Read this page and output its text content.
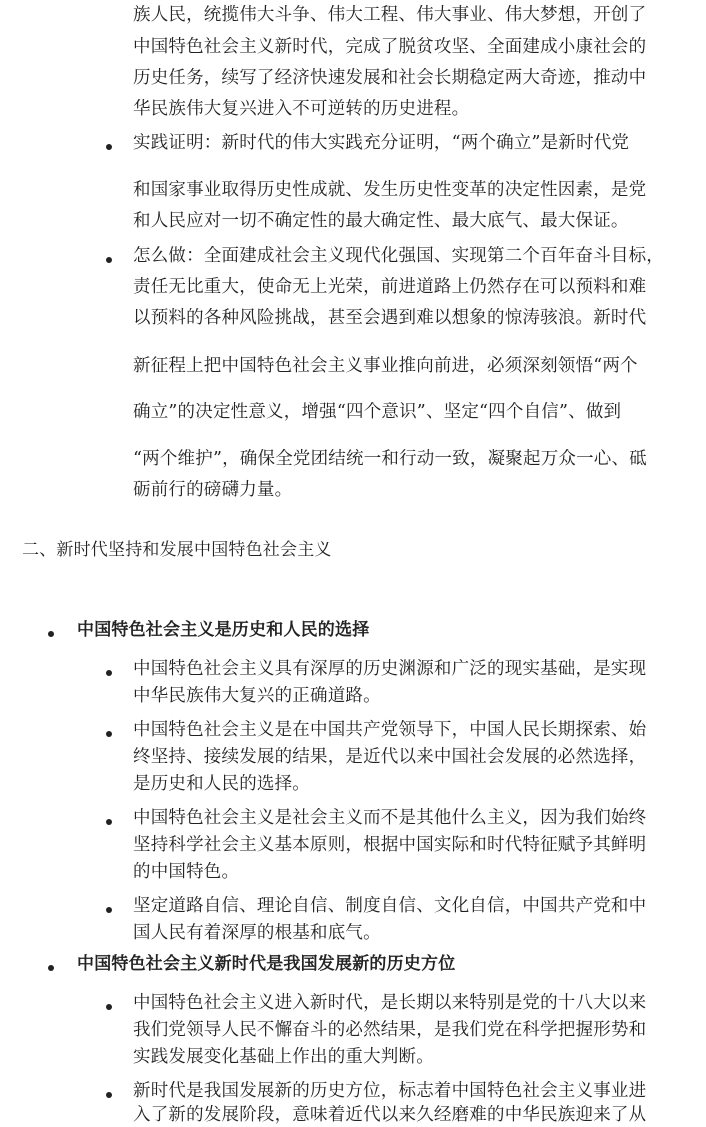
族人民，统揽伟大斗争、伟大工程、伟大事业、伟大梦想，开创了
中国特色社会主义新时代，完成了脱贫攻坚、全面建成小康社会的
历史任务，续写了经济快速发展和社会长期稳定两大奇迹，推动中
华民族伟大复兴进入不可逆转的历史进程。
实践证明：新时代的伟大实践充分证明，“两个确立”是新时代党
和国家事业取得历史性成就、发生历史性变革的决定性因素，是党
和人民应对一切不确定性的最大确定性、最大底气、最大保证。
怎么做：全面建成社会主义现代化强国、实现第二个百年奋斗目标，
责任无比重大，使命无上光荣，前进道路上仍然存在可以预料和难
以预料的各种风险挑战，甚至会遇到难以想象的惊涛骇浪。新时代
新征程上把中国特色社会主义事业推向前进，必须深刻领悟“两个
确立”的决定性意义，增强“四个意识”、坚定“四个自信”、做到
“两个维护”，确保全党团结统一和行动一致，凝聚起万众一心、砥
砺前行的磅礴力量。
二、新时代坚持和发展中国特色社会主义
中国特色社会主义是历史和人民的选择
中国特色社会主义具有深厚的历史渊源和广泛的现实基础，是实现
中华民族伟大复兴的正确道路。
中国特色社会主义是在中国共产党领导下，中国人民长期探索、始
终坚持、接续发展的结果，是近代以来中国社会发展的必然选择，
是历史和人民的选择。
中国特色社会主义是社会主义而不是其他什么主义，因为我们始终
坚持科学社会主义基本原则，根据中国实际和时代特征赋予其鲜明
的中国特色。
坚定道路自信、理论自信、制度自信、文化自信，中国共产党和中
国人民有着深厚的根基和底气。
中国特色社会主义新时代是我国发展新的历史方位
中国特色社会主义进入新时代，是长期以来特别是党的十八大以来
我们党领导人民不懈奋斗的必然结果，是我们党在科学把握形势和
实践发展变化基础上作出的重大判断。
新时代是我国发展新的历史方位，标志着中国特色社会主义事业进
入了新的发展阶段，意味着近代以来久经磨难的中华民族迎来了从
